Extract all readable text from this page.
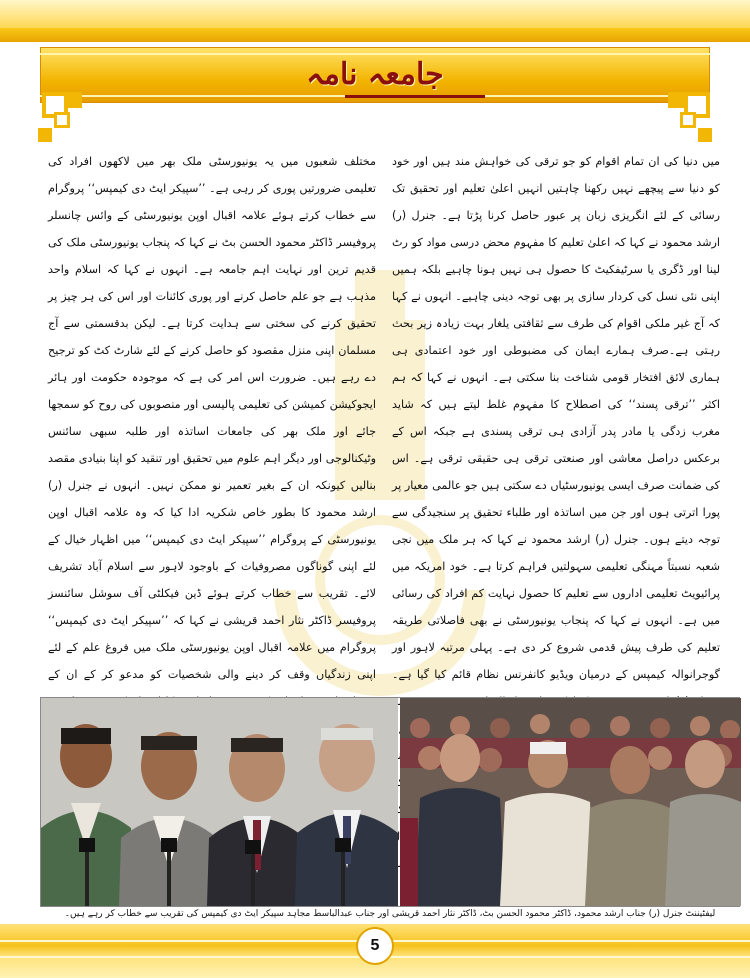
جامعہ نامہ
میں دنیا کی ان تمام اقوام کو جو ترقی کی خواہش مند ہیں اور خود کو دنیا سے پیچھے نہیں رکھنا چاہتیں انہیں اعلیٰ تعلیم اور تحقیق تک رسائی کے لئے انگریزی زبان پر عبور حاصل کرنا پڑتا ہے۔ جنرل (ر) ارشد محمود نے کہا کہ اعلیٰ تعلیم کا مفہوم محض درسی مواد کو رٹ لینا اور ڈگری یا سرٹیفکیٹ کا حصول ہی نہیں ہونا چاہیے بلکہ ہمیں اپنی نئی نسل کی کردار سازی پر بھی توجہ دینی چاہیے۔ انہوں نے کہا کہ آج غیر ملکی اقوام کی طرف سے ثقافتی یلغار بہت زیادہ زیر بحث رہتی ہے۔صرف ہمارے ایمان کی مضبوطی اور خود اعتمادی ہی ہماری لائق افتخار قومی شناخت بنا سکتی ہے۔ انہوں نے کہا کہ ہم اکثر ’’ترقی پسند‘‘ کی اصطلاح کا مفہوم غلط لیتے ہیں کہ شاید مغرب زدگی یا مادر پدر آزادی ہی ترقی پسندی ہے جبکہ اس کے برعکس دراصل معاشی اور صنعتی ترقی ہی حقیقی ترقی ہے۔ اس کی ضمانت صرف ایسی یونیورسٹیاں دے سکتی ہیں جو عالمی معیار پر پورا اترتی ہوں اور جن میں اساتذہ اور طلباء تحقیق پر سنجیدگی سے توجہ دیتے ہوں۔ جنرل (ر) ارشد محمود نے کہا کہ ہر ملک میں نجی شعبہ نسبتاً مہنگی تعلیمی سہولتیں فراہم کرتا ہے۔ خود امریکہ میں پرائیویٹ تعلیمی اداروں سے تعلیم کا حصول نہایت کم افراد کی رسائی میں ہے۔ انہوں نے کہا کہ پنجاب یونیورسٹی نے بھی فاصلاتی طریقہ تعلیم کی طرف پیش قدمی شروع کر دی ہے۔ پہلی مرتبہ لاہور اور گوجرانوالہ کیمپس کے درمیان ویڈیو کانفرنس نظام قائم کیا گیا ہے۔
مختلف شعبوں میں یہ یونیورسٹی ملک بھر میں لاکھوں افراد کی تعلیمی ضرورتیں پوری کر رہی ہے۔ ’’سپیکر ایٹ دی کیمپس‘‘ پروگرام سے خطاب کرتے ہوئے علامہ اقبال اوپن یونیورسٹی کے وائس چانسلر پروفیسر ڈاکٹر محمود الحسن بٹ نے کہا کہ پنجاب یونیورسٹی ملک کی قدیم ترین اور نہایت اہم جامعہ ہے۔ انہوں نے کہا کہ اسلام واحد مذہب ہے جو علم حاصل کرنے اور پوری کائنات اور اس کی ہر چیز پر تحقیق کرنے کی سختی سے ہدایت کرتا ہے۔ لیکن بدقسمتی سے آج مسلمان اپنی منزل مقصود کو حاصل کرنے کے لئے شارٹ کٹ کو ترجیح دے رہے ہیں۔ ضرورت اس امر کی ہے کہ موجودہ حکومت اور ہائر ایجوکیشن کمیشن کی تعلیمی پالیسی اور منصوبوں کی روح کو سمجھا جائے اور ملک بھر کی جامعات اساتذہ اور طلبہ سبھی سائنس وٹیکنالوجی اور دیگر اہم علوم میں تحقیق اور تنقید کو اپنا بنیادی مقصد بنالیں کیونکہ ان کے بغیر تعمیر نو ممکن نہیں۔ انہوں نے جنرل (ر) ارشد محمود کا بطور خاص شکریہ ادا کیا کہ وہ علامہ اقبال اوپن یونیورسٹی کے پروگرام ’’سپیکر ایٹ دی کیمپس‘‘ میں اظہار خیال کے لئے اپنی گوناگوں مصروفیات کے باوجود لاہور سے اسلام آباد تشریف لائے۔ تقریب سے خطاب کرتے ہوئے ڈین فیکلٹی آف سوشل سائنسز پروفیسر ڈاکٹر نثار احمد قریشی نے کہا کہ ’’سپیکر ایٹ دی کیمپس‘‘ پروگرام میں علامہ اقبال اوپن یونیورسٹی ملک میں فروغ علم کے لئے اپنی زندگیاں وقف کر دینے والی شخصیات کو مدعو کر کے ان کے
لیفٹیننٹ جنرل (ر) جناب ارشد محمود، ڈاکٹر محمود الحسن بٹ، ڈاکٹر نثار احمد قریشی اور جناب عبدالباسط مجاہد سپیکر ایٹ دی کیمپس کی تقریب سے خطاب کر رہے ہیں۔
5
